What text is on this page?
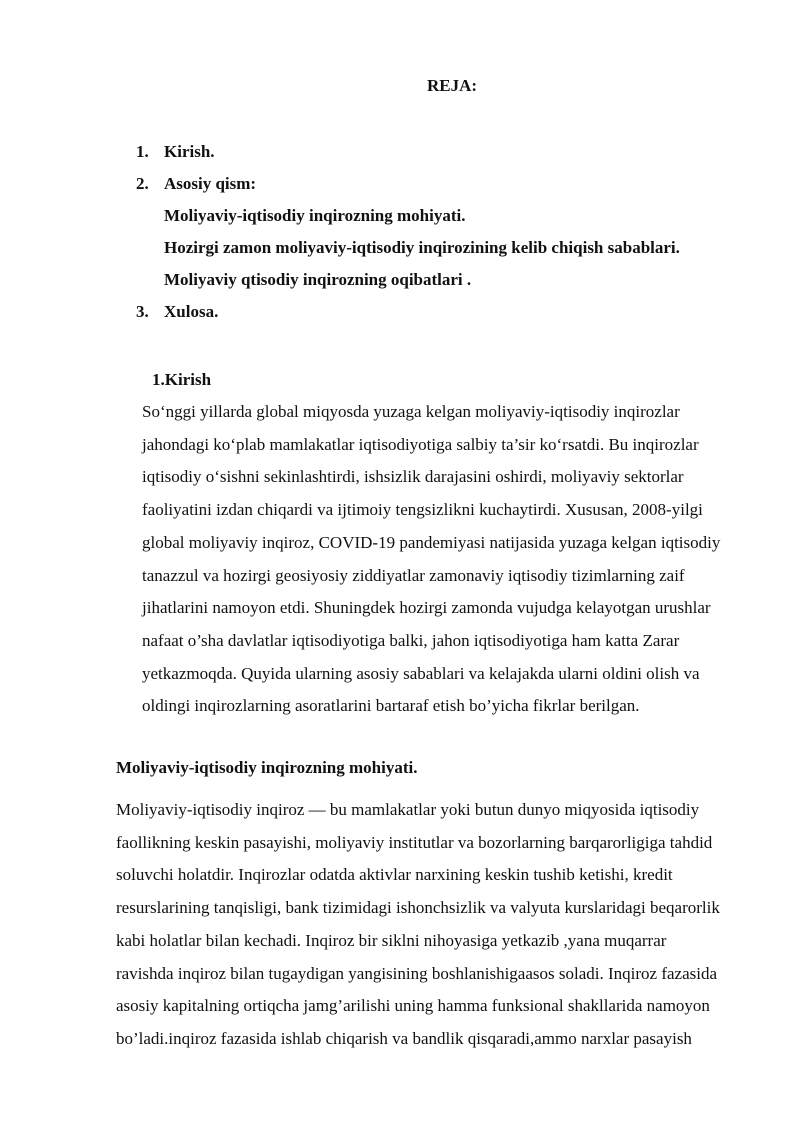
REJA:
1. Kirish.
2. Asosiy qism:
Moliyaviy-iqtisodiy inqirozning mohiyati.
Hozirgi zamon moliyaviy-iqtisodiy inqirozining kelib chiqish sabablari.
Moliyaviy qtisodiy inqirozning oqibatlari .
3. Xulosa.
1.Kirish

So‘nggi yillarda global miqyosda yuzaga kelgan moliyaviy-iqtisodiy inqirozlar
jahondagi ko‘plab mamlakatlar iqtisodiyotiga salbiy ta’sir ko‘rsatdi. Bu inqirozlar
iqtisodiy o‘sishni sekinlashtirdi, ishsizlik darajasini oshirdi, moliyaviy sektorlar
faoliyatini izdan chiqardi va ijtimoiy tengsizlikni kuchaytirdi. Xususan, 2008-yilgi
global moliyaviy inqiroz, COVID-19 pandemiyasi natijasida yuzaga kelgan iqtisodiy
tanazzul va hozirgi geosiyosiy ziddiyatlar zamonaviy iqtisodiy tizimlarning zaif
jihatlarini namoyon etdi. Shuningdek hozirgi zamonda vujudga kelayotgan urushlar
nafaat o’sha davlatlar iqtisodiyotiga balki, jahon iqtisodiyotiga ham katta Zarar
yetkazmoqda. Quyida ularning asosiy sabablari va kelajakda ularni oldini olish va
oldingi inqirozlarning asoratlarini bartaraf etish bo’yicha fikrlar berilgan.

Moliyaviy-iqtisodiy inqirozning mohiyati.

Moliyaviy-iqtisodiy inqiroz — bu mamlakatlar yoki butun dunyo miqyosida iqtisodiy
faollikning keskin pasayishi, moliyaviy institutlar va bozorlarning barqarorligiga tahdid
soluvchi holatdir. Inqirozlar odatda aktivlar narxining keskin tushib ketishi, kredit
resurslarining tanqisligi, bank tizimidagi ishonchsizlik va valyuta kurslaridagi beqarorlik
kabi holatlar bilan kechadi. Inqiroz bir siklni nihoyasiga yetkazib ,yana muqarrar
ravishda inqiroz bilan tugaydigan yangisining boshlanishigaasos soladi. Inqiroz fazasida
asosiy kapitalning ortiqcha jamg’arilishi uning hamma funksional shakllarida namoyon
bo’ladi.inqiroz fazasida ishlab chiqarish va bandlik qisqaradi,ammo narxlar pasayish
